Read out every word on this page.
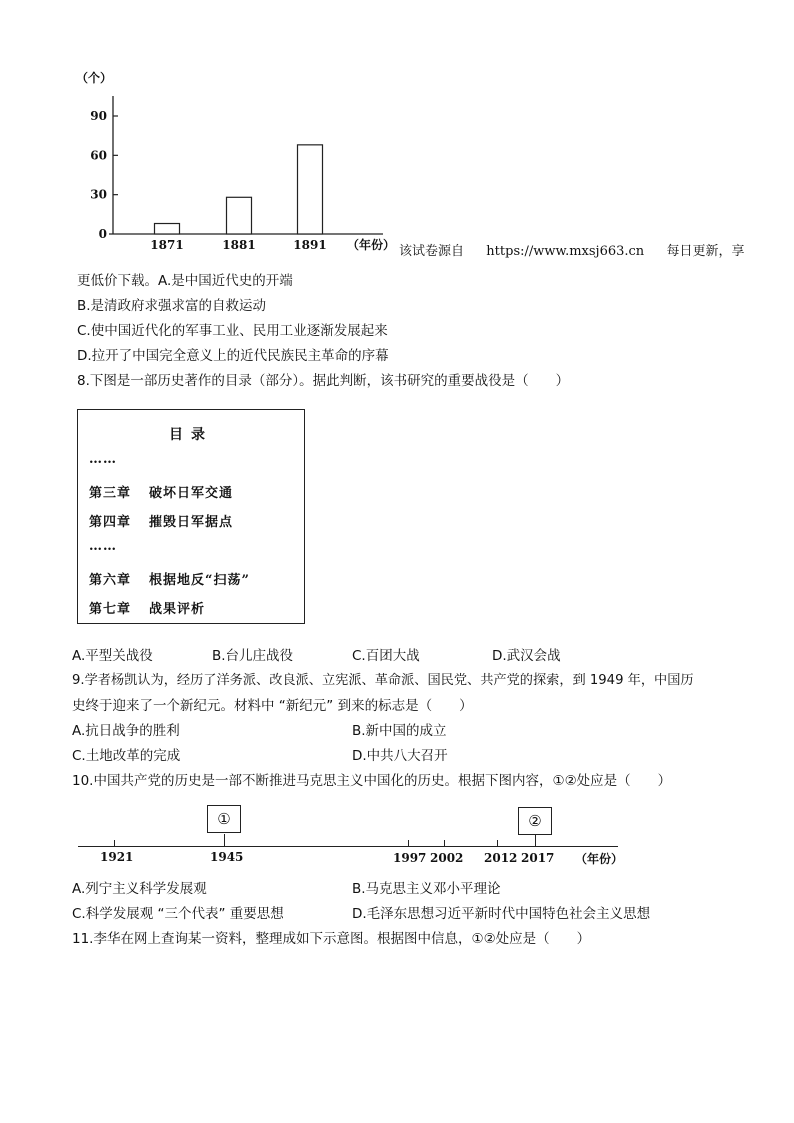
0
30
60
90
（个）
1871	1881	1891 （年份） 该试卷源自 https://www.mxsj663.cn 每日更新，享
更低价下载。A.是中国近代史的开端
B.是清政府求强求富的自救运动
C.使中国近代化的军事工业、民用工业逐渐发展起来
D.拉开了中国完全意义上的近代民族民主革命的序幕
8.下图是一部历史著作的目录（部分）。据此判断，该书研究的重要战役是（　　）
目录
……
第三章 破坏日军交通
第四章 摧毁日军据点
……
第六章 根据地反“扫荡”
第七章 战果评析
A.平型关战役	B.台儿庄战役	C.百团大战	D.武汉会战
9.学者杨凯认为，经历了洋务派、改良派、立宪派、革命派、国民党、共产党的探索，到 1949 年，中国历
史终于迎来了一个新纪元。材料中 “新纪元” 到来的标志是（　　）
A.抗日战争的胜利	B.新中国的成立
C.土地改革的完成	D.中共八大召开
10.中国共产党的历史是一部不断推进马克思主义中国化的历史。根据下图内容，①②处应是（　　）
①	②
1921	1945	1997 2002 2012 2017 （年份）
A.列宁主义科学发展观	B.马克思主义邓小平理论
C.科学发展观 “三个代表” 重要思想	D.毛泽东思想习近平新时代中国特色社会主义思想
11.李华在网上查询某一资料，整理成如下示意图。根据图中信息，①②处应是（　　）
